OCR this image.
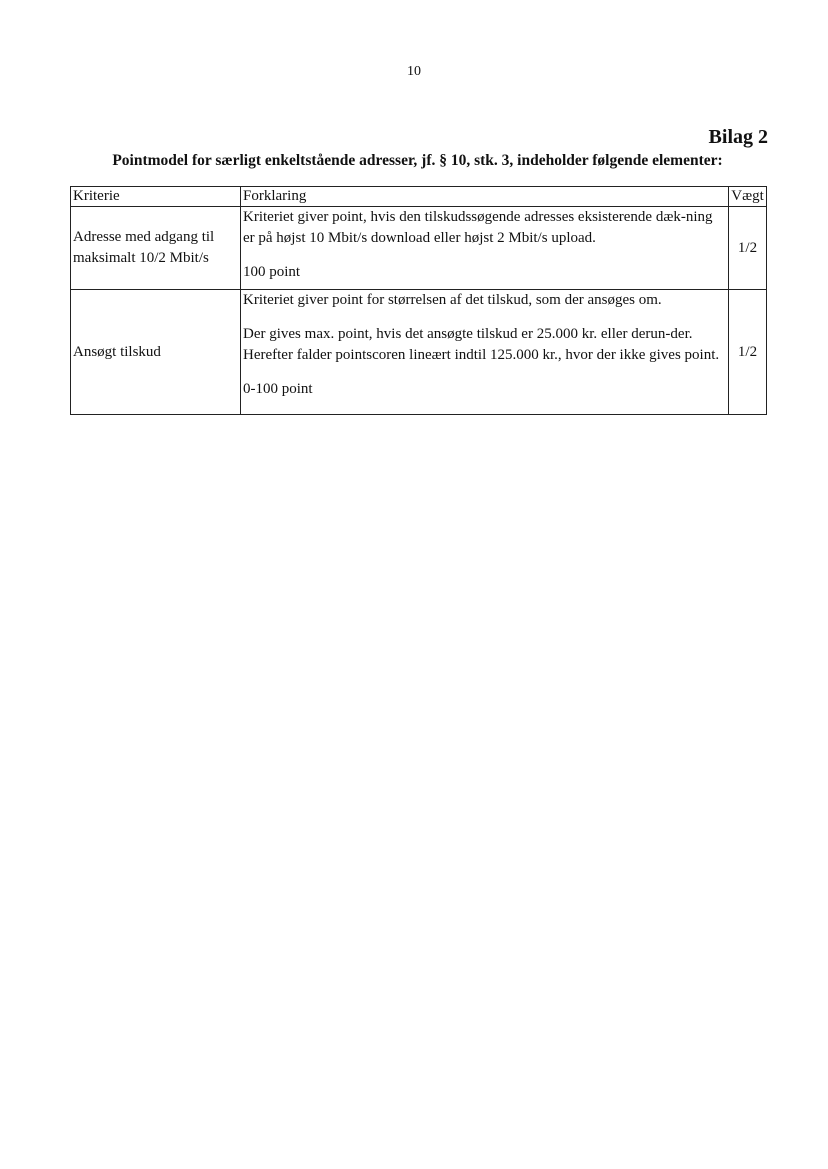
10
Bilag 2
Pointmodel for særligt enkeltstående adresser, jf. § 10, stk. 3, indeholder følgende elementer:
Kriterie	Forklaring	Vægt
Adresse med adgang til maksimalt 10/2 Mbit/s	Kriteriet giver point, hvis den tilskudssøgende adresses eksisterende dæk-ning er på højst 10 Mbit/s download eller højst 2 Mbit/s upload.

100 point	1/2
Ansøgt tilskud	Kriteriet giver point for størrelsen af det tilskud, som der ansøges om.

Der gives max. point, hvis det ansøgte tilskud er 25.000 kr. eller derun-der. Herefter falder pointscoren lineært indtil 125.000 kr., hvor der ikke gives point.

0-100 point	1/2
